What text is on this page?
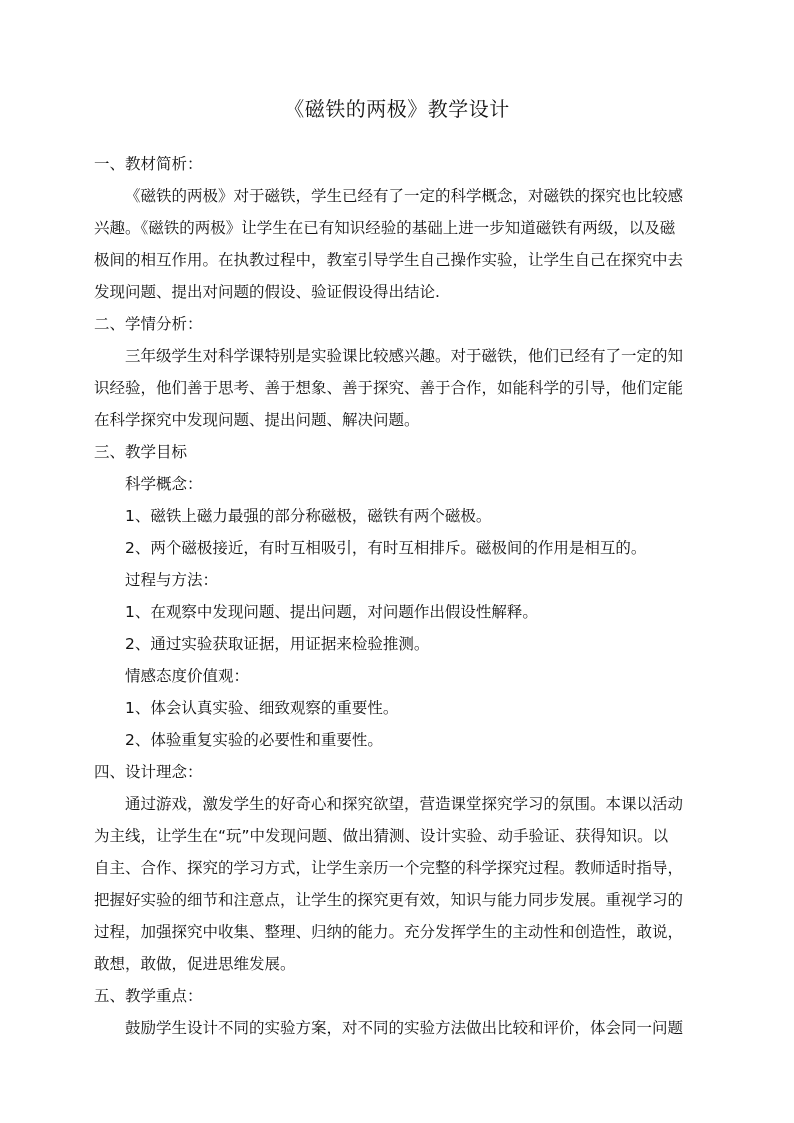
《磁铁的两极》教学设计
一、教材简析：
《磁铁的两极》对于磁铁，学生已经有了一定的科学概念，对磁铁的探究也比较感
兴趣。《磁铁的两极》让学生在已有知识经验的基础上进一步知道磁铁有两级，以及磁
极间的相互作用。在执教过程中，教室引导学生自己操作实验，让学生自己在探究中去
发现问题、提出对问题的假设、验证假设得出结论.
二、学情分析：
三年级学生对科学课特别是实验课比较感兴趣。对于磁铁，他们已经有了一定的知
识经验，他们善于思考、善于想象、善于探究、善于合作，如能科学的引导，他们定能
在科学探究中发现问题、提出问题、解决问题。
三、教学目标
科学概念：
1、磁铁上磁力最强的部分称磁极，磁铁有两个磁极。
2、两个磁极接近，有时互相吸引，有时互相排斥。磁极间的作用是相互的。
过程与方法：
1、在观察中发现问题、提出问题，对问题作出假设性解释。
2、通过实验获取证据，用证据来检验推测。
情感态度价值观：
1、体会认真实验、细致观察的重要性。
2、体验重复实验的必要性和重要性。
四、设计理念：
通过游戏，激发学生的好奇心和探究欲望，营造课堂探究学习的氛围。本课以活动
为主线，让学生在“玩”中发现问题、做出猜测、设计实验、动手验证、获得知识。以
自主、合作、探究的学习方式，让学生亲历一个完整的科学探究过程。教师适时指导，
把握好实验的细节和注意点，让学生的探究更有效，知识与能力同步发展。重视学习的
过程，加强探究中收集、整理、归纳的能力。充分发挥学生的主动性和创造性，敢说，
敢想，敢做，促进思维发展。
五、教学重点：
鼓励学生设计不同的实验方案，对不同的实验方法做出比较和评价，体会同一问题
